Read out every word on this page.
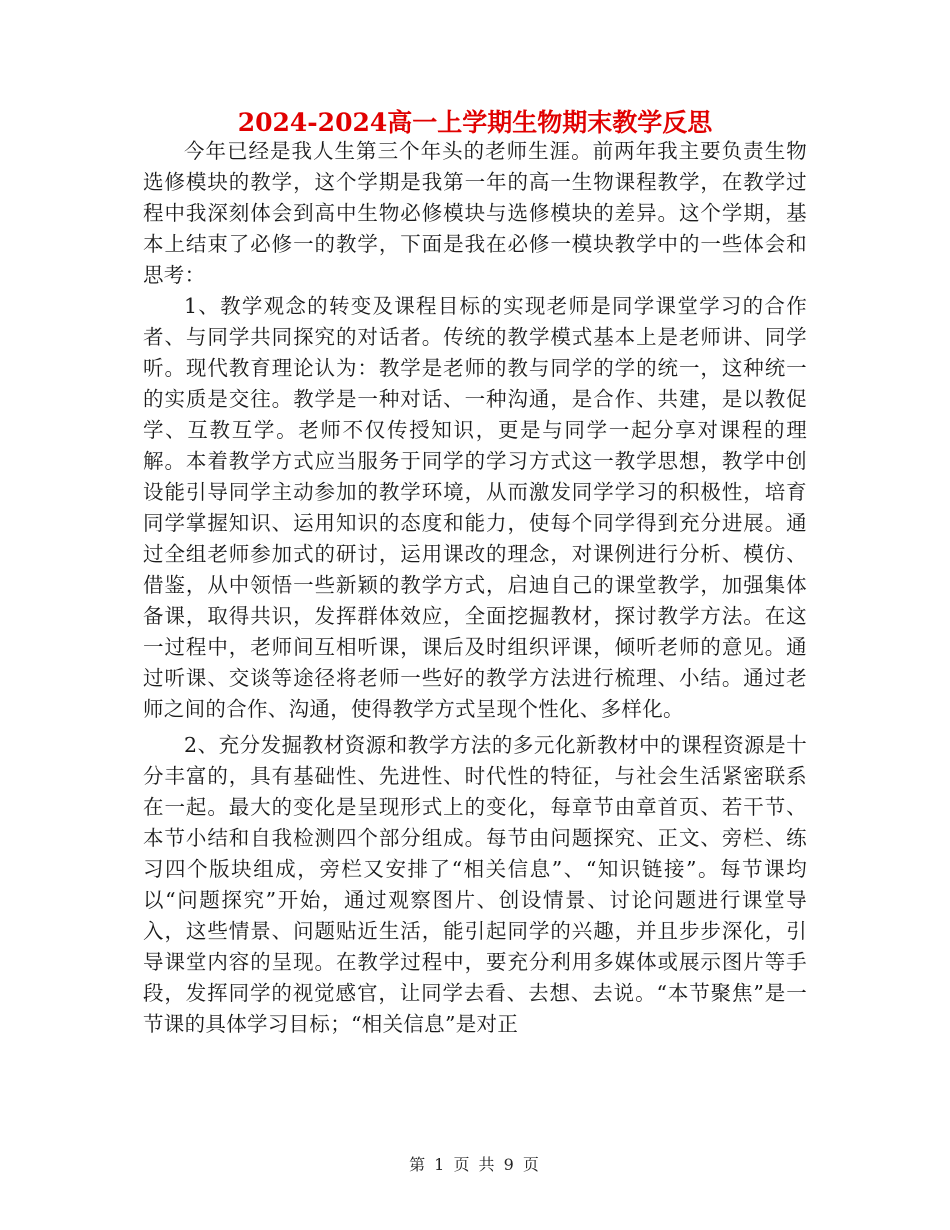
2024-2024高一上学期生物期末教学反思

今年已经是我人生第三个年头的老师生涯。前两年我主要负责生物选修模块的教学，这个学期是我第一年的高一生物课程教学，在教学过程中我深刻体会到高中生物必修模块与选修模块的差异。这个学期，基本上结束了必修一的教学，下面是我在必修一模块教学中的一些体会和思考：

1、教学观念的转变及课程目标的实现老师是同学课堂学习的合作者、与同学共同探究的对话者。传统的教学模式基本上是老师讲、同学听。现代教育理论认为：教学是老师的教与同学的学的统一，这种统一的实质是交往。教学是一种对话、一种沟通，是合作、共建，是以教促学、互教互学。老师不仅传授知识，更是与同学一起分享对课程的理解。本着教学方式应当服务于同学的学习方式这一教学思想，教学中创设能引导同学主动参加的教学环境，从而激发同学学习的积极性，培育同学掌握知识、运用知识的态度和能力，使每个同学得到充分进展。通过全组老师参加式的研讨，运用课改的理念，对课例进行分析、模仿、借鉴，从中领悟一些新颖的教学方式，启迪自己的课堂教学，加强集体备课，取得共识，发挥群体效应，全面挖掘教材，探讨教学方法。在这一过程中，老师间互相听课，课后及时组织评课，倾听老师的意见。通过听课、交谈等途径将老师一些好的教学方法进行梳理、小结。通过老师之间的合作、沟通，使得教学方式呈现个性化、多样化。

2、充分发掘教材资源和教学方法的多元化新教材中的课程资源是十分丰富的，具有基础性、先进性、时代性的特征，与社会生活紧密联系在一起。最大的变化是呈现形式上的变化，每章节由章首页、若干节、本节小结和自我检测四个部分组成。每节由问题探究、正文、旁栏、练习四个版块组成，旁栏又安排了“相关信息”、“知识链接”。每节课均以“问题探究”开始，通过观察图片、创设情景、讨论问题进行课堂导入，这些情景、问题贴近生活，能引起同学的兴趣，并且步步深化，引导课堂内容的呈现。在教学过程中，要充分利用多媒体或展示图片等手段，发挥同学的视觉感官，让同学去看、去想、去说。“本节聚焦”是一节课的具体学习目标；“相关信息”是对正

第 1 页 共 9 页
